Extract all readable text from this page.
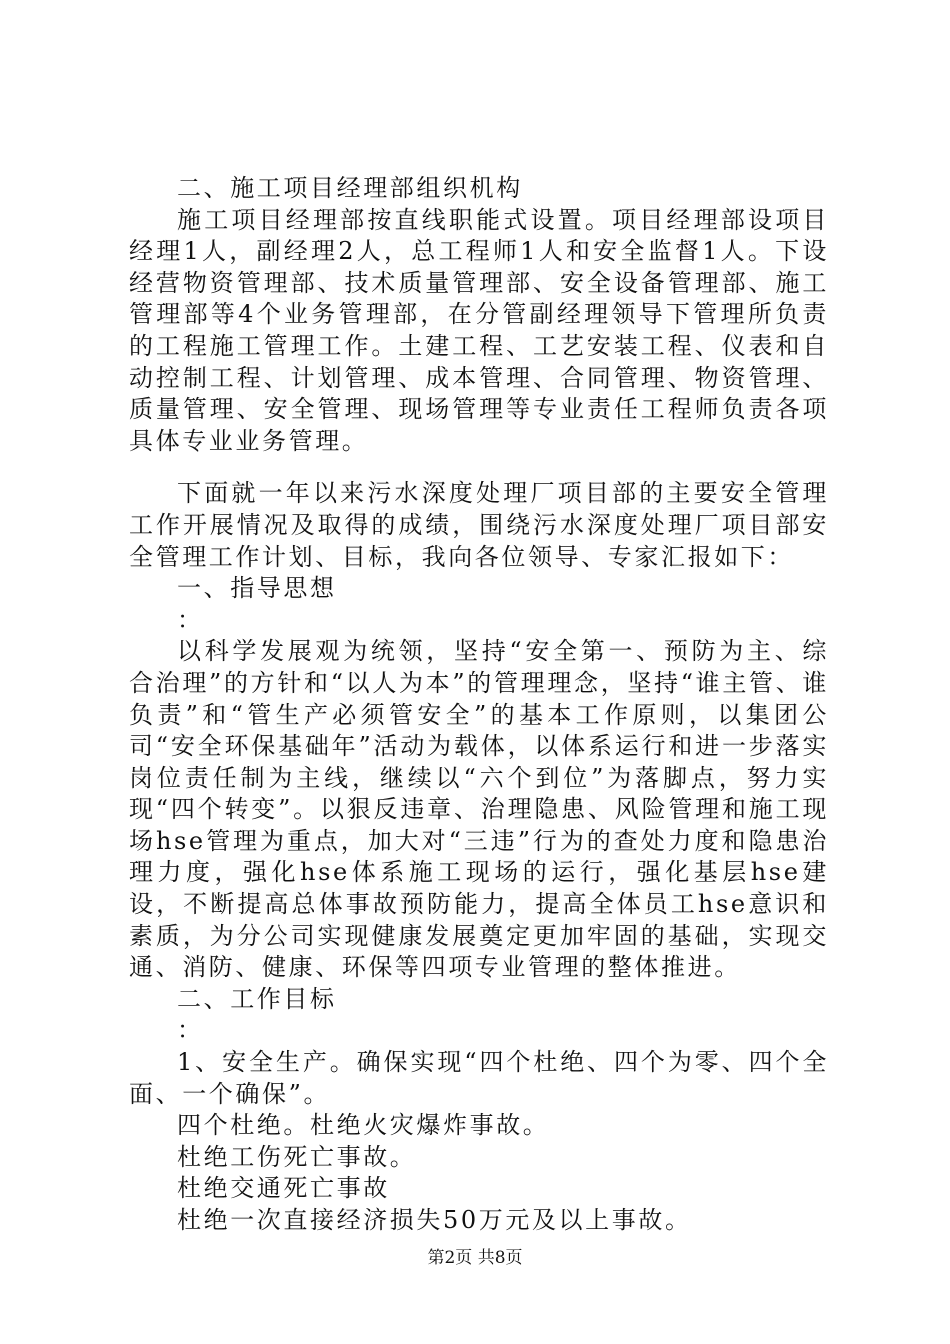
二、施工项目经理部组织机构

施工项目经理部按直线职能式设置。项目经理部设项目经理1人，副经理2人，总工程师1人和安全监督1人。下设经营物资管理部、技术质量管理部、安全设备管理部、施工管理部等4个业务管理部，在分管副经理领导下管理所负责的工程施工管理工作。土建工程、工艺安装工程、仪表和自动控制工程、计划管理、成本管理、合同管理、物资管理、质量管理、安全管理、现场管理等专业责任工程师负责各项具体专业业务管理。

下面就一年以来污水深度处理厂项目部的主要安全管理工作开展情况及取得的成绩，围绕污水深度处理厂项目部安全管理工作计划、目标，我向各位领导、专家汇报如下：

一、指导思想

：

以科学发展观为统领，坚持“安全第一、预防为主、综合治理”的方针和“以人为本”的管理理念，坚持“谁主管、谁负责”和“管生产必须管安全”的基本工作原则，以集团公司“安全环保基础年”活动为载体，以体系运行和进一步落实岗位责任制为主线，继续以“六个到位”为落脚点，努力实现“四个转变”。以狠反违章、治理隐患、风险管理和施工现场hse管理为重点，加大对“三违”行为的查处力度和隐患治理力度，强化hse体系施工现场的运行，强化基层hse建设，不断提高总体事故预防能力，提高全体员工hse意识和素质，为分公司实现健康发展奠定更加牢固的基础，实现交通、消防、健康、环保等四项专业管理的整体推进。

二、工作目标

：

1、安全生产。确保实现“四个杜绝、四个为零、四个全面、一个确保”。

四个杜绝。杜绝火灾爆炸事故。

杜绝工伤死亡事故。

杜绝交通死亡事故

杜绝一次直接经济损失50万元及以上事故。

第2页 共8页
